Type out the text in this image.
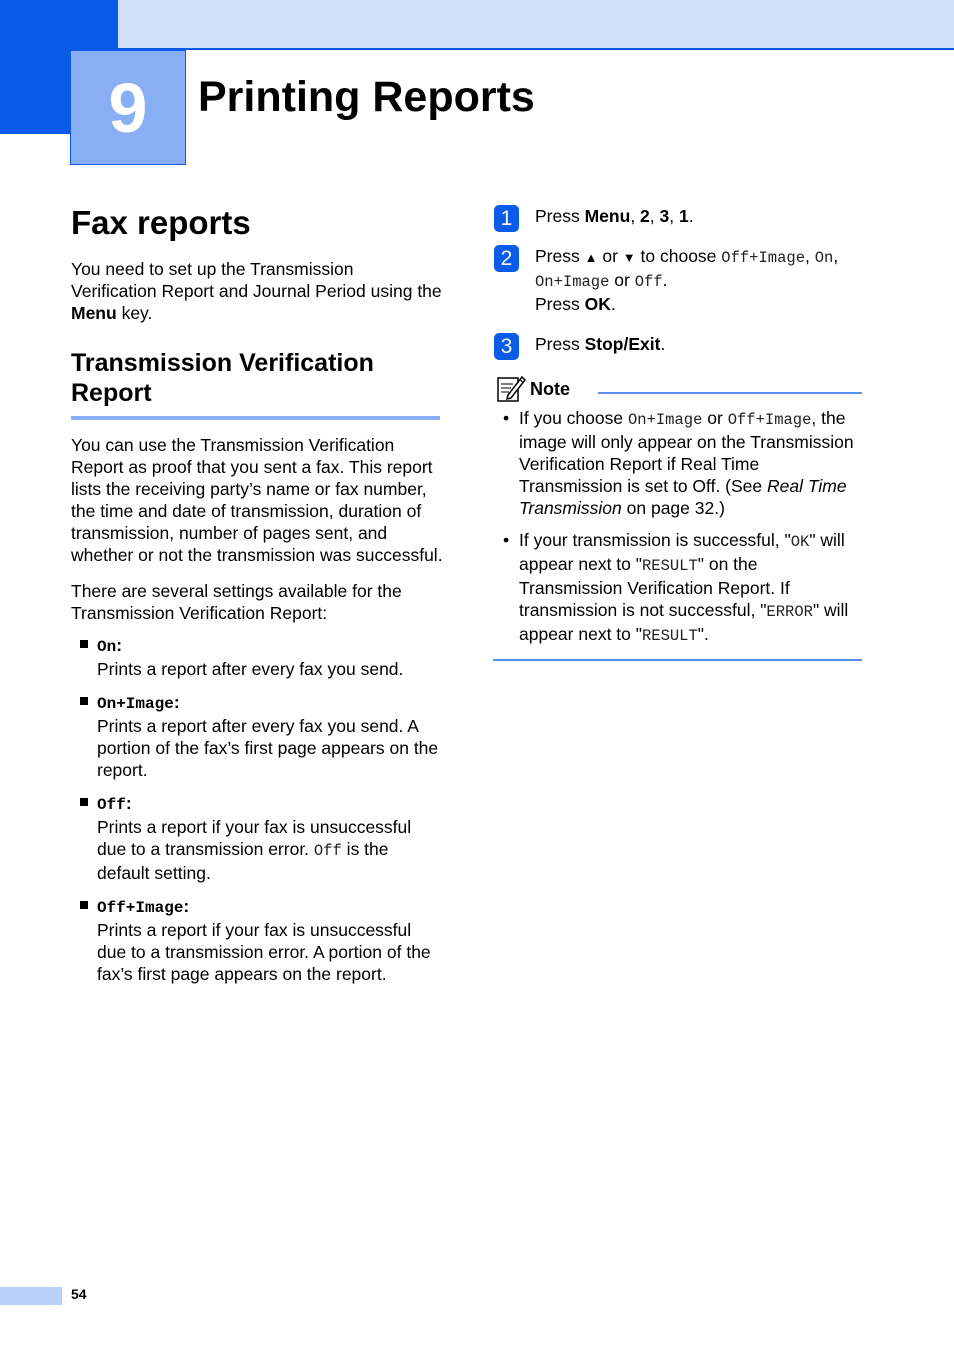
9	Printing Reports
Fax reports

You need to set up the Transmission Verification Report and Journal Period using the Menu key.

Transmission Verification Report

You can use the Transmission Verification Report as proof that you sent a fax. This report lists the receiving party’s name or fax number, the time and date of transmission, duration of transmission, number of pages sent, and whether or not the transmission was successful.

There are several settings available for the Transmission Verification Report:

On:
Prints a report after every fax you send.
On+Image:
Prints a report after every fax you send. A portion of the fax’s first page appears on the report.
Off:
Prints a report if your fax is unsuccessful due to a transmission error. Off is the default setting.
Off+Image:
Prints a report if your fax is unsuccessful due to a transmission error. A portion of the fax’s first page appears on the report.
1	Press Menu, 2, 3, 1.
2	Press ▲ or ▼ to choose Off+Image, On,
On+Image or Off.
Press OK.
3	Press Stop/Exit.
Note
• If you choose On+Image or Off+Image, the image will only appear on the Transmission Verification Report if Real Time Transmission is set to Off. (See Real Time Transmission on page 32.)
• If your transmission is successful, "OK" will appear next to "RESULT" on the Transmission Verification Report. If transmission is not successful, "ERROR" will appear next to "RESULT".
54
